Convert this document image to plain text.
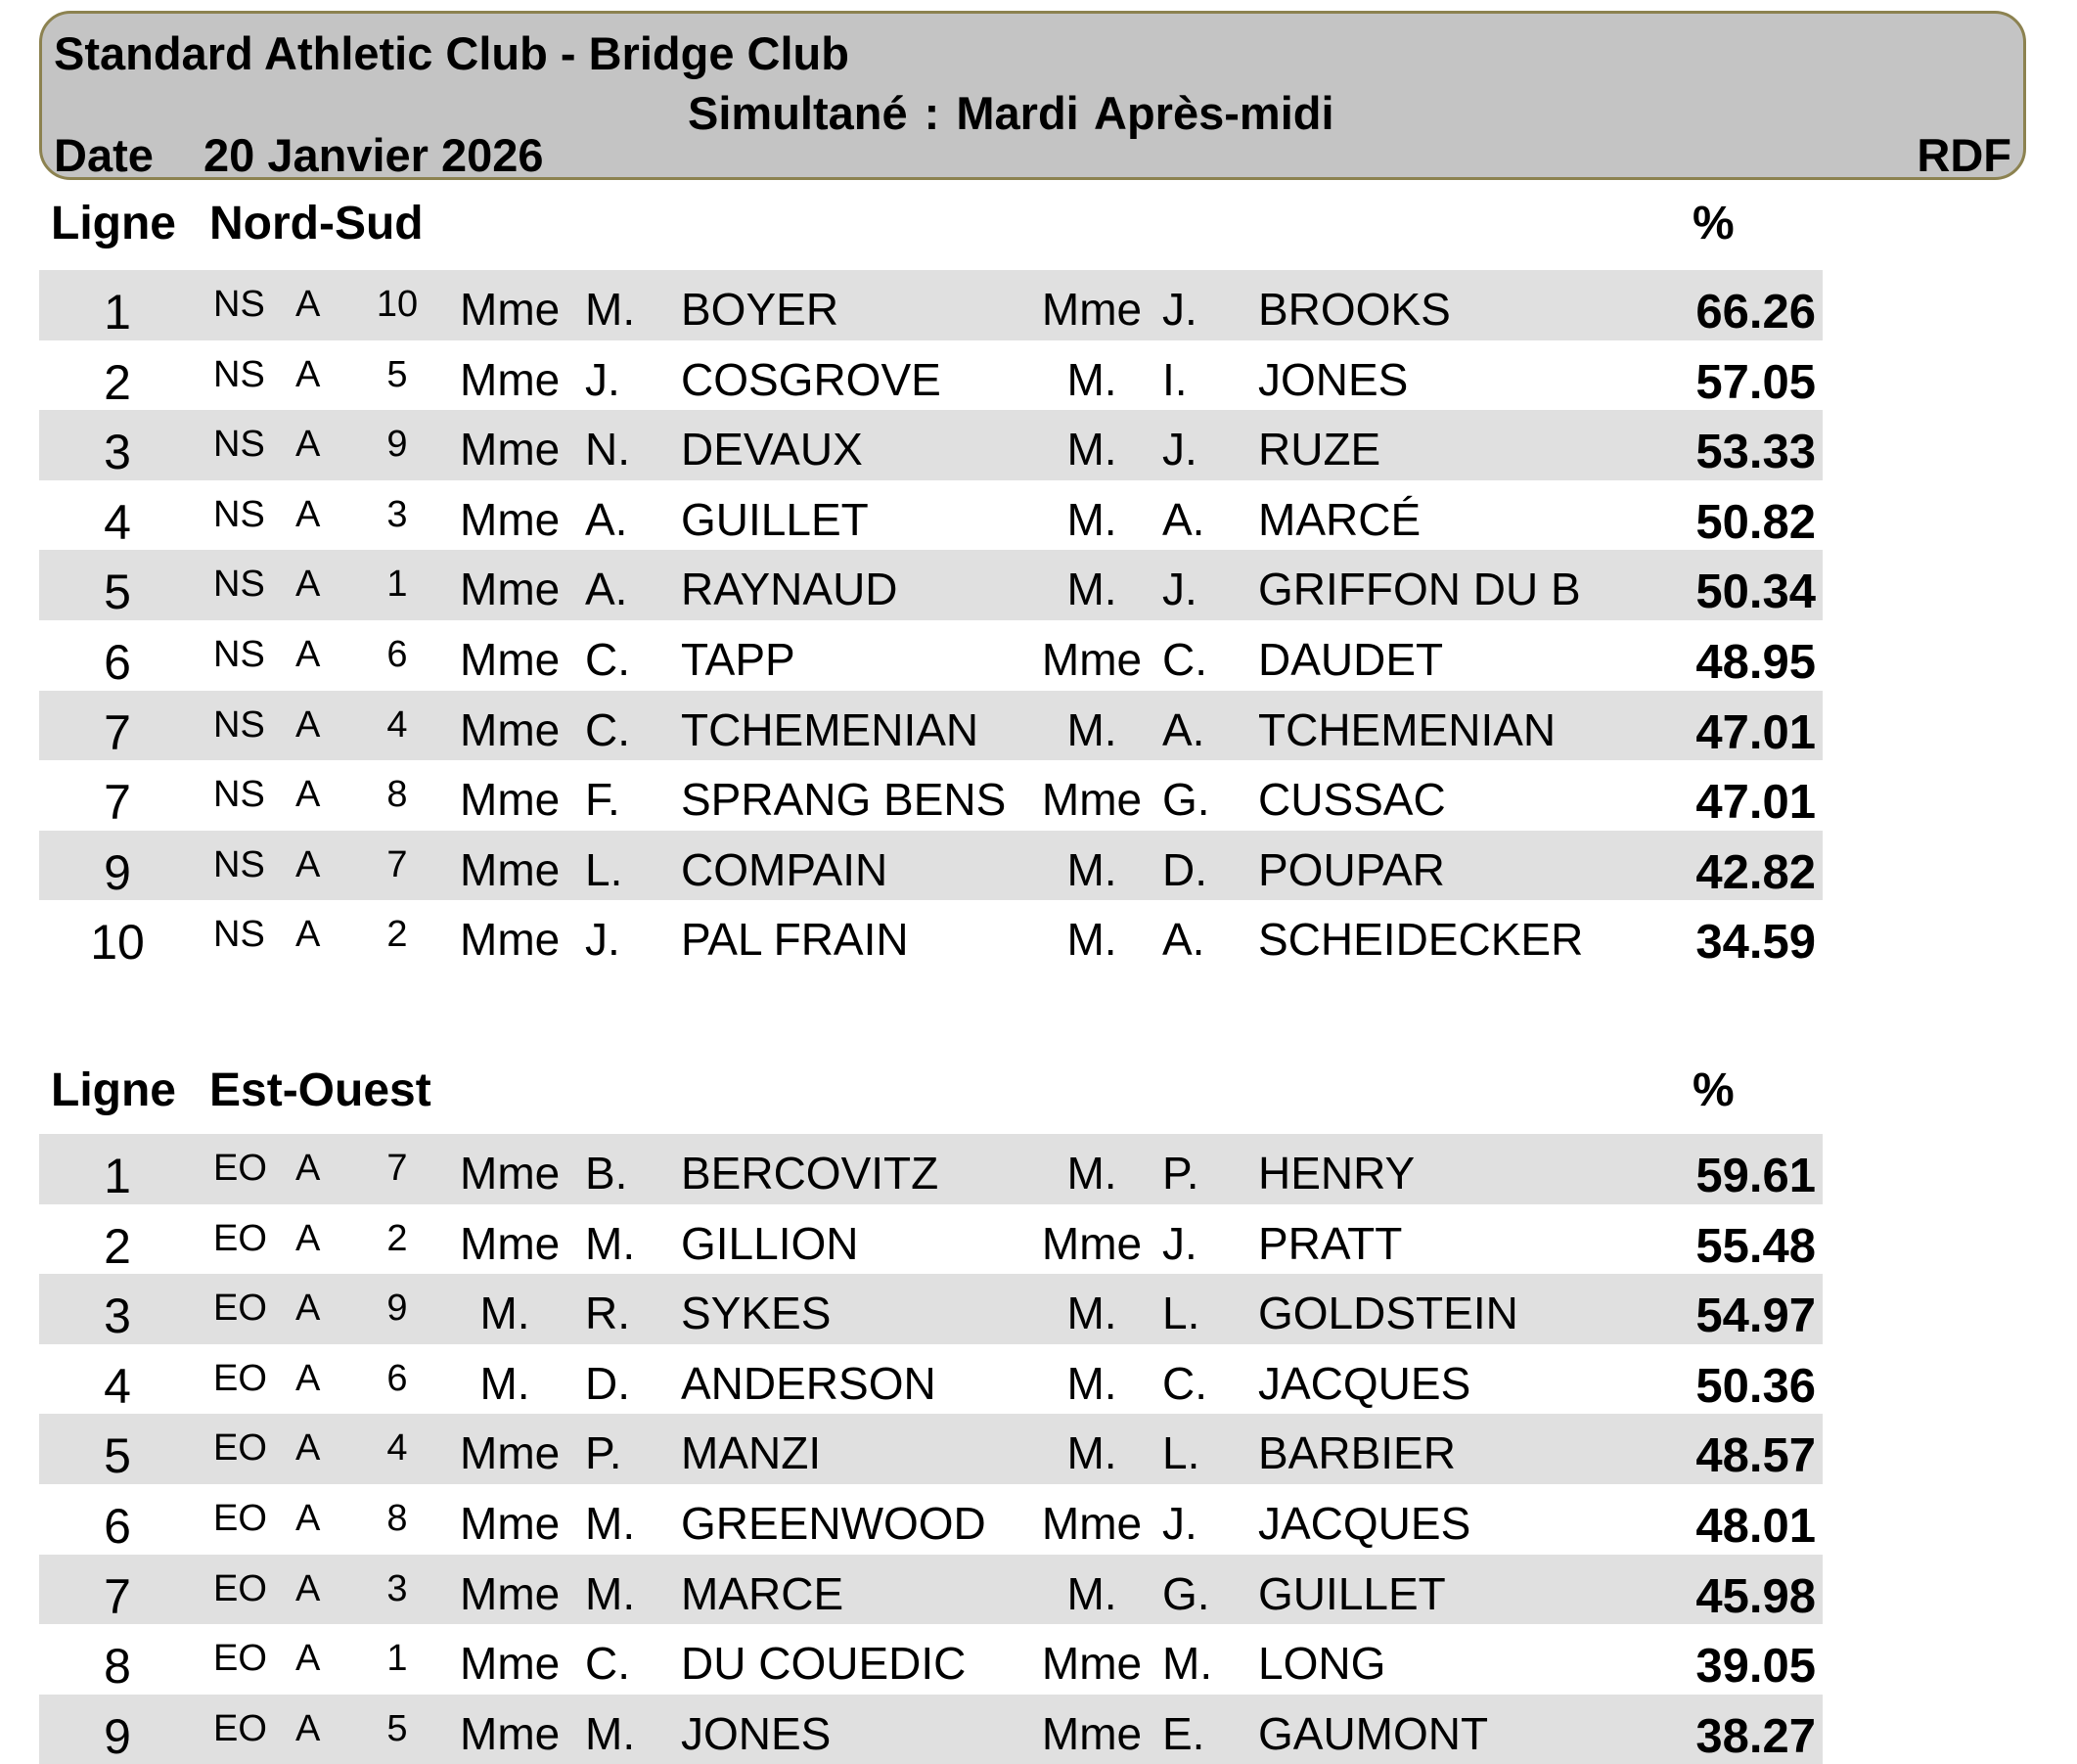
Standard Athletic Club - Bridge Club
Simultané : Mardi Après-midi
Date 20 Janvier 2026	RDF
Ligne Nord-Sud	%
1	NS A 10 Mme M. BOYER	Mme J. BROOKS	66.26
2	NS A	5	Mme J. COSGROVE	M.	I. JONES	57.05
3	NS A	9	Mme N. DEVAUX	M.	J. RUZE	53.33
4	NS A	3	Mme A. GUILLET	M.	A. MARCÉ	50.82
5	NS A	1	Mme A. RAYNAUD	M.	J. GRIFFON DU B 50.34
6	NS A	6	Mme C. TAPP	Mme C. DAUDET	48.95
7	NS A	4	Mme C. TCHEMENIAN	M.	A. TCHEMENIAN	47.01
7	NS A	8	Mme F. SPRANG BENS Mme G. CUSSAC	47.01
9	NS A	7	Mme L. COMPAIN	M.	D. POUPAR	42.82
10	NS A	2	Mme J. PAL FRAIN	M.	A. SCHEIDECKER 34.59
Ligne Est-Ouest	%
1	EO A	7	Mme B. BERCOVITZ	M.	P. HENRY	59.61
2	EO A	2	Mme M. GILLION	Mme J. PRATT	55.48
3	EO A	9	M.	R. SYKES	M.	L. GOLDSTEIN	54.97
4	EO A	6	M.	D. ANDERSON	M.	C. JACQUES	50.36
5	EO A	4	Mme P. MANZI	M.	L. BARBIER	48.57
6	EO A	8	Mme M. GREENWOOD Mme J. JACQUES	48.01
7	EO A	3	Mme M. MARCE	M.	G. GUILLET	45.98
8	EO A	1	Mme C. DU COUEDIC Mme M. LONG	39.05
9	EO A	5	Mme M. JONES	Mme E. GAUMONT	38.27
